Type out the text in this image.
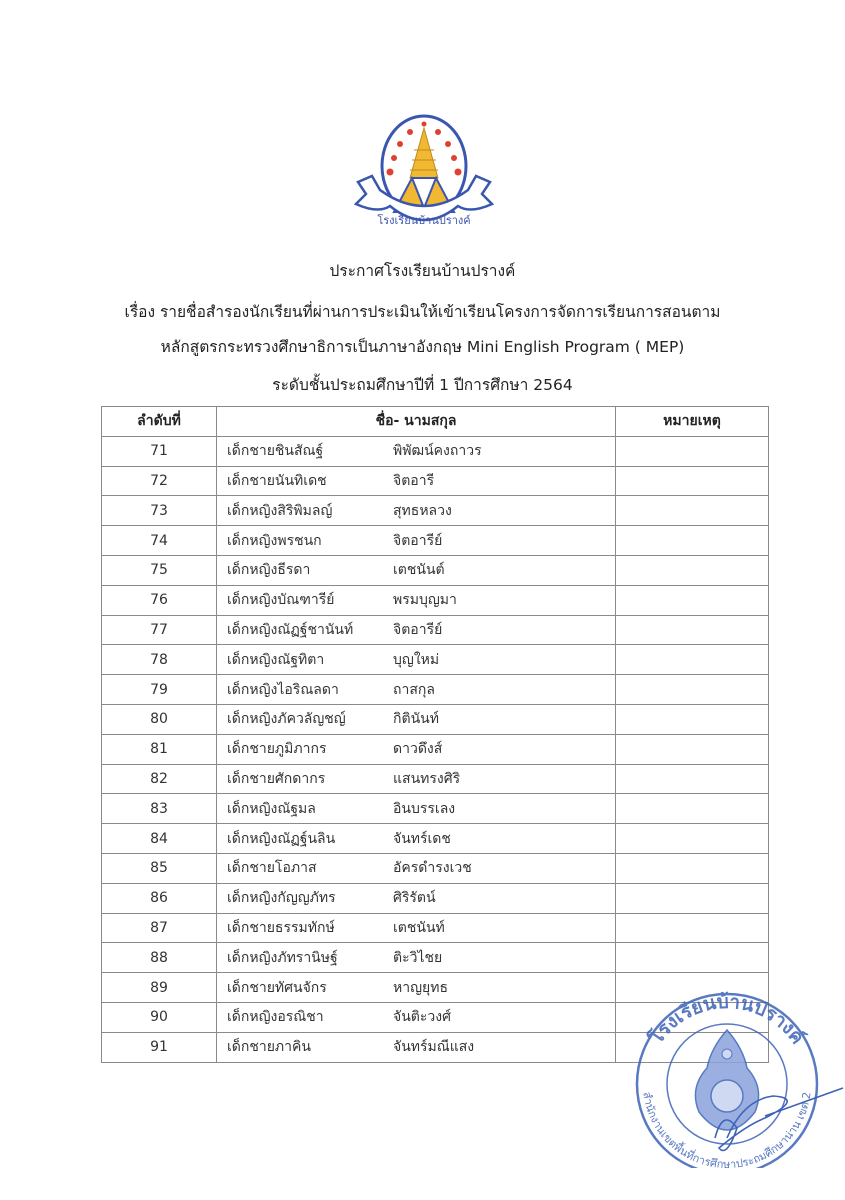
โรงเรียนบ้านปรางค์
ประกาศโรงเรียนบ้านปรางค์
เรื่อง รายชื่อสำรองนักเรียนที่ผ่านการประเมินให้เข้าเรียนโครงการจัดการเรียนการสอนตาม
หลักสูตรกระทรวงศึกษาธิการเป็นภาษาอังกฤษ Mini English Program ( MEP)
ระดับชั้นประถมศึกษาปีที่ 1 ปีการศึกษา 2564
ลำดับที่	ชื่อ- นามสกุล	หมายเหตุ
71	เด็กชายชินสัณฐ์ พิพัฒน์คงถาวร	
72	เด็กชายนันทิเดช จิตอารี	
73	เด็กหญิงสิริพิมลญ์ สุทธหลวง	
74	เด็กหญิงพรชนก จิตอารีย์	
75	เด็กหญิงธีรดา เตชนันต์	
76	เด็กหญิงบัณฑารีย์ พรมบุญมา	
77	เด็กหญิงณัฏฐ์ชานันท์ จิตอารีย์	
78	เด็กหญิงณัฐทิตา บุญใหม่	
79	เด็กหญิงไอริณลดา ถาสกุล	
80	เด็กหญิงภัควลัญชญ์ กิตินันท์	
81	เด็กชายภูมิภากร ดาวดึงส์	
82	เด็กชายศักดากร แสนทรงศิริ	
83	เด็กหญิงณัฐมล อินบรรเลง	
84	เด็กหญิงณัฏฐ์นลิน จันทร์เดช	
85	เด็กชายโอภาส อัครดำรงเวช	
86	เด็กหญิงกัญญภัทร ศิริรัตน์	
87	เด็กชายธรรมทักษ์ เตชนันท์	
88	เด็กหญิงภัทรานิษฐ์ ติะวิไชย	
89	เด็กชายทัศนจักร หาญยุทธ	
90	เด็กหญิงอรณิชา จันติะวงศ์	
91	เด็กชายภาคิน จันทร์มณีแสง		โรงเรียนบ้านปรางค์
สำนักงานเขตพื้นที่การศึกษาประถมศึกษาน่าน เขต 2
